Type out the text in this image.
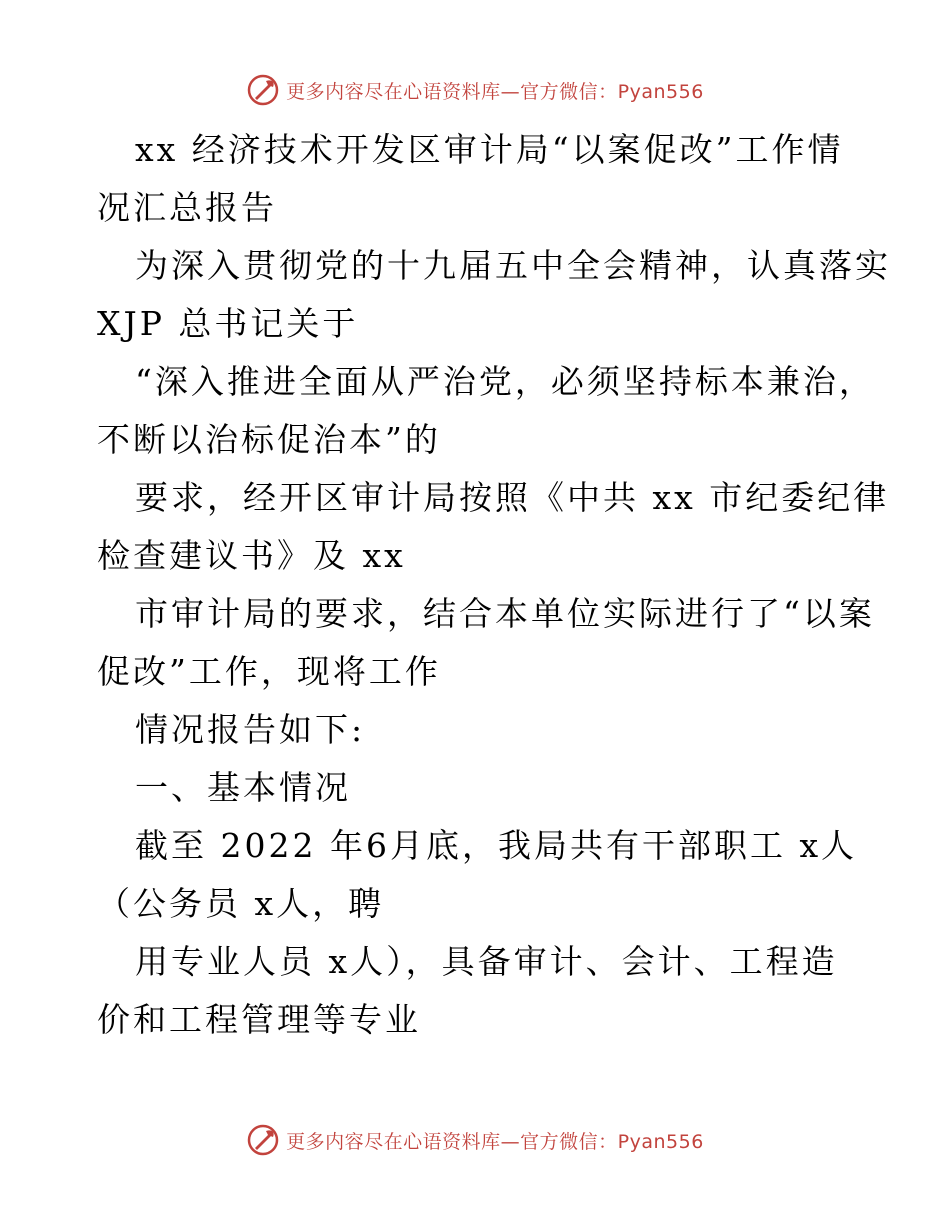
更多内容尽在心语资料库—官方微信：Pyan556
xx 经济技术开发区审计局“以案促改”工作情
况汇总报告
为深入贯彻党的十九届五中全会精神，认真落实
XJP 总书记关于
“深入推进全面从严治党，必须坚持标本兼治，
不断以治标促治本”的
要求，经开区审计局按照《中共 xx 市纪委纪律
检查建议书》及 xx
市审计局的要求，结合本单位实际进行了“以案
促改”工作，现将工作
情况报告如下:
一、基本情况
截至 2022 年6月底，我局共有干部职工 x人
（公务员 x人，聘
用专业人员 x人），具备审计、会计、工程造
价和工程管理等专业
更多内容尽在心语资料库—官方微信：Pyan556
